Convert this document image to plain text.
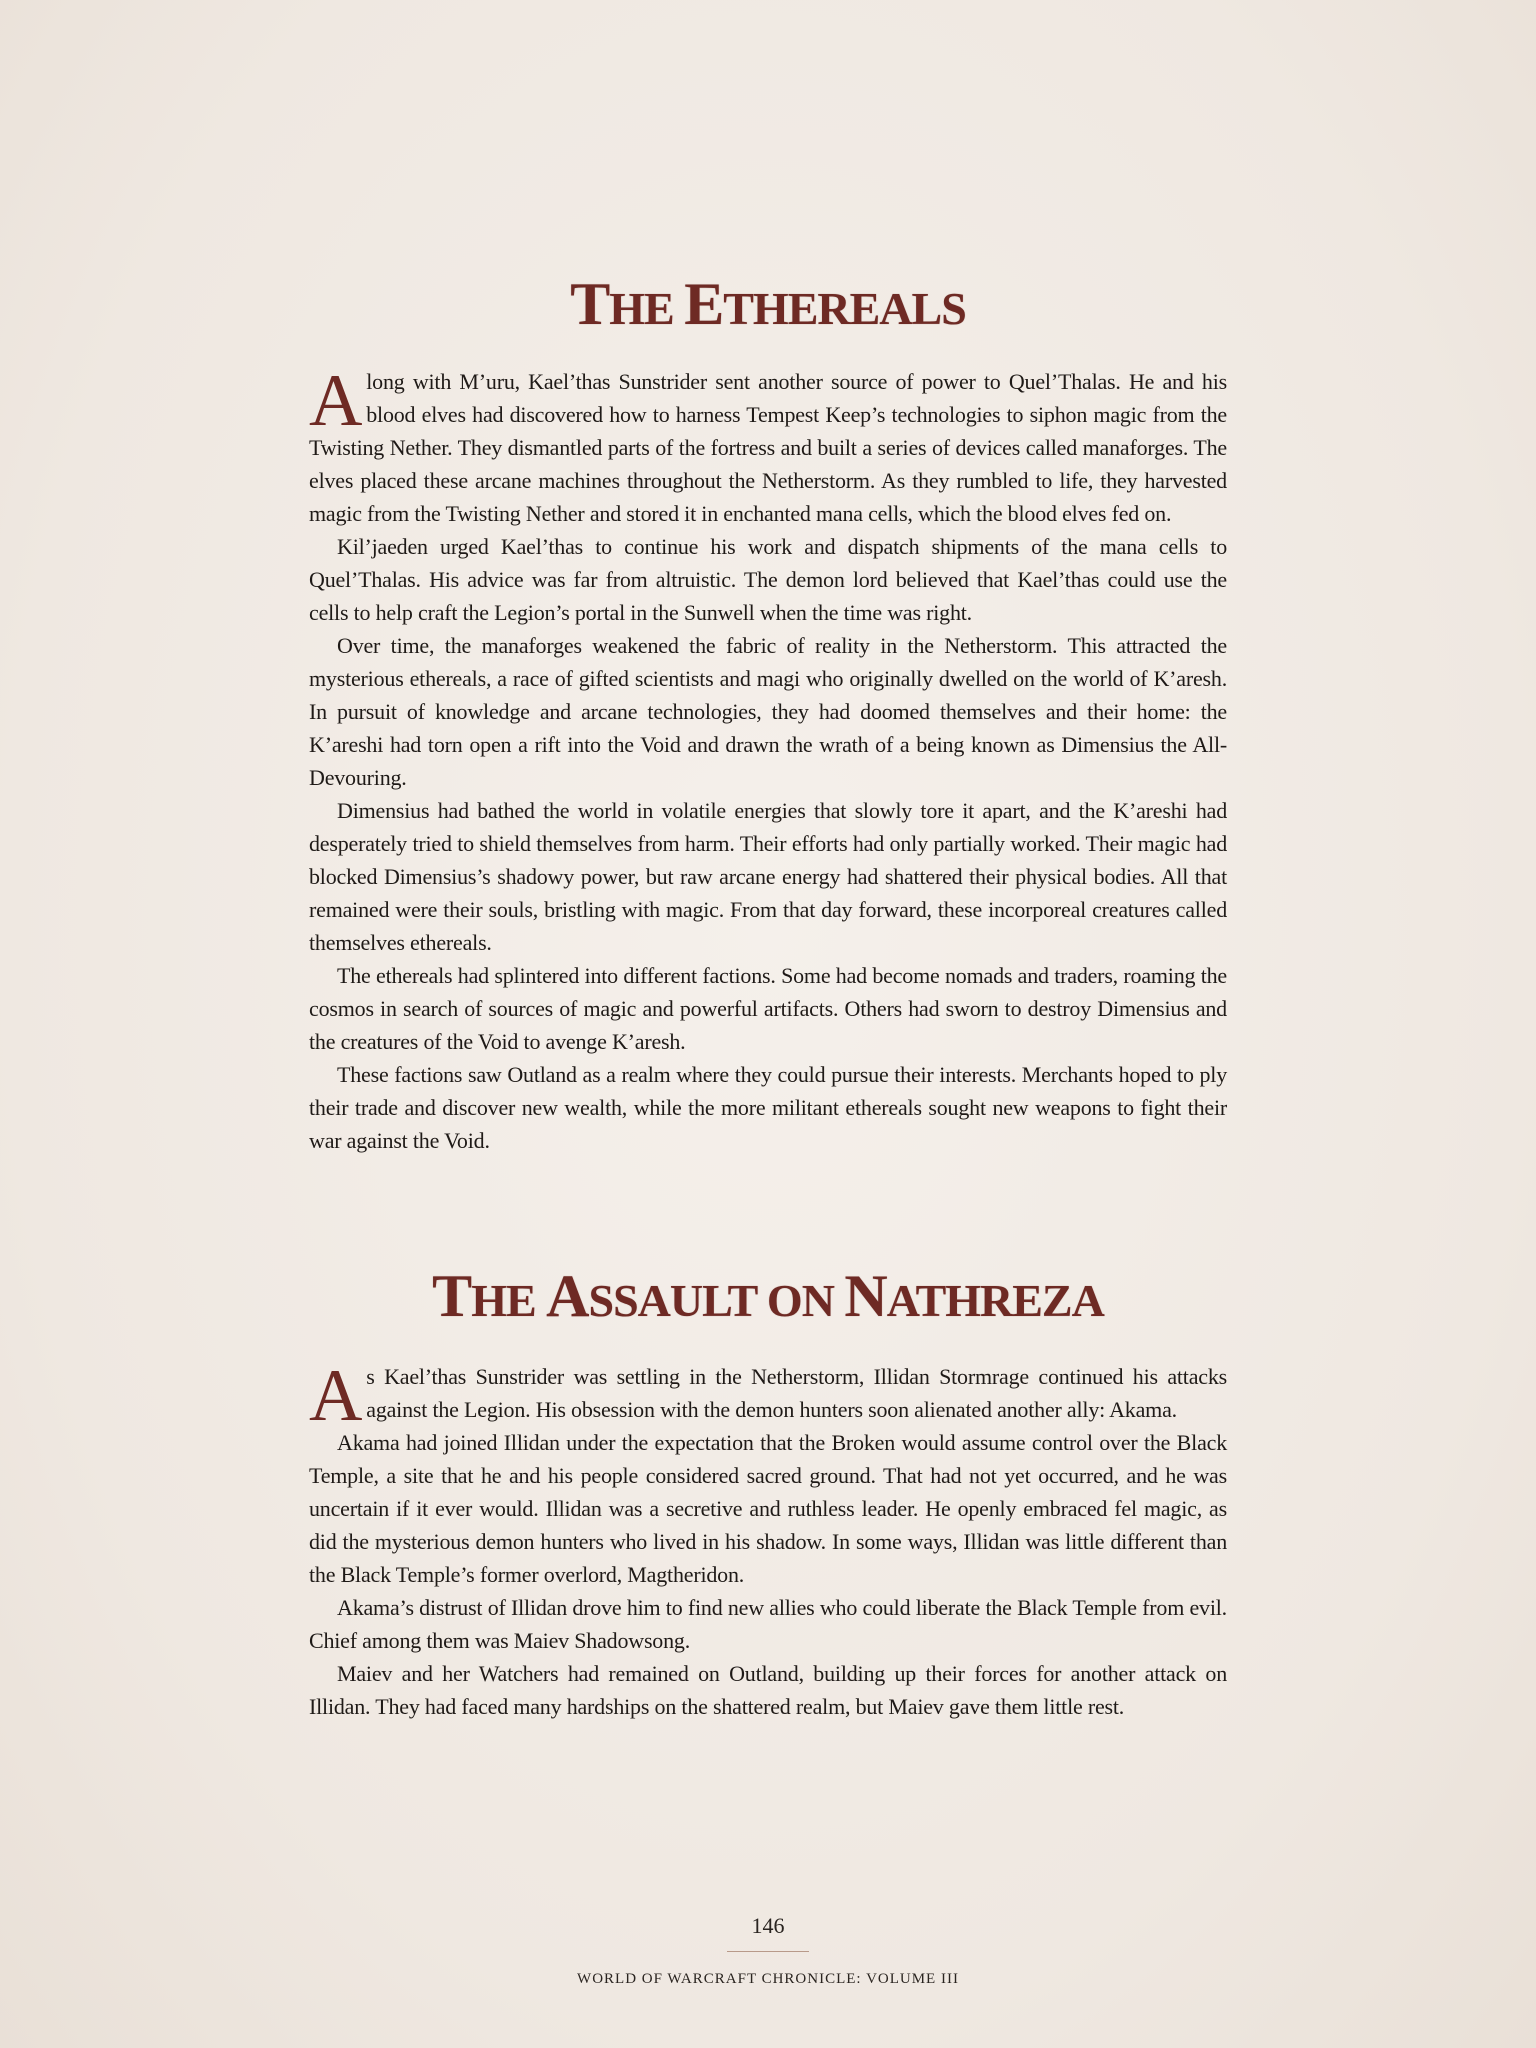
THE ETHEREALS

Along with M’uru, Kael’thas Sunstrider sent another source of power to Quel’Thalas. He and his blood elves had discovered how to harness Tempest Keep’s technologies to siphon magic from the Twisting Nether. They dismantled parts of the fortress and built a series of devices called manaforges. The elves placed these arcane machines throughout the Netherstorm. As they rumbled to life, they harvested magic from the Twisting Nether and stored it in enchanted mana cells, which the blood elves fed on.

Kil’jaeden urged Kael’thas to continue his work and dispatch shipments of the mana cells to Quel’Thalas. His advice was far from altruistic. The demon lord believed that Kael’thas could use the cells to help craft the Legion’s portal in the Sunwell when the time was right.

Over time, the manaforges weakened the fabric of reality in the Netherstorm. This attracted the mysterious ethereals, a race of gifted scientists and magi who originally dwelled on the world of K’aresh. In pursuit of knowledge and arcane technologies, they had doomed themselves and their home: the K’areshi had torn open a rift into the Void and drawn the wrath of a being known as Dimensius the All-Devouring.

Dimensius had bathed the world in volatile energies that slowly tore it apart, and the K’areshi had desperately tried to shield themselves from harm. Their efforts had only partially worked. Their magic had blocked Dimensius’s shadowy power, but raw arcane energy had shattered their physical bodies. All that remained were their souls, bristling with magic. From that day forward, these incorporeal creatures called themselves ethereals.

The ethereals had splintered into different factions. Some had become nomads and traders, roaming the cosmos in search of sources of magic and powerful artifacts. Others had sworn to destroy Dimensius and the creatures of the Void to avenge K’aresh.

These factions saw Outland as a realm where they could pursue their interests. Merchants hoped to ply their trade and discover new wealth, while the more militant ethereals sought new weapons to fight their war against the Void.

THE ASSAULT ON NATHREZA

As Kael’thas Sunstrider was settling in the Netherstorm, Illidan Stormrage continued his attacks against the Legion. His obsession with the demon hunters soon alienated another ally: Akama.

Akama had joined Illidan under the expectation that the Broken would assume control over the Black Temple, a site that he and his people considered sacred ground. That had not yet occurred, and he was uncertain if it ever would. Illidan was a secretive and ruthless leader. He openly embraced fel magic, as did the mysterious demon hunters who lived in his shadow. In some ways, Illidan was little different than the Black Temple’s former overlord, Magtheridon.

Akama’s distrust of Illidan drove him to find new allies who could liberate the Black Temple from evil. Chief among them was Maiev Shadowsong.

Maiev and her Watchers had remained on Outland, building up their forces for another attack on Illidan. They had faced many hardships on the shattered realm, but Maiev gave them little rest.

146
WORLD OF WARCRAFT CHRONICLE: VOLUME III
